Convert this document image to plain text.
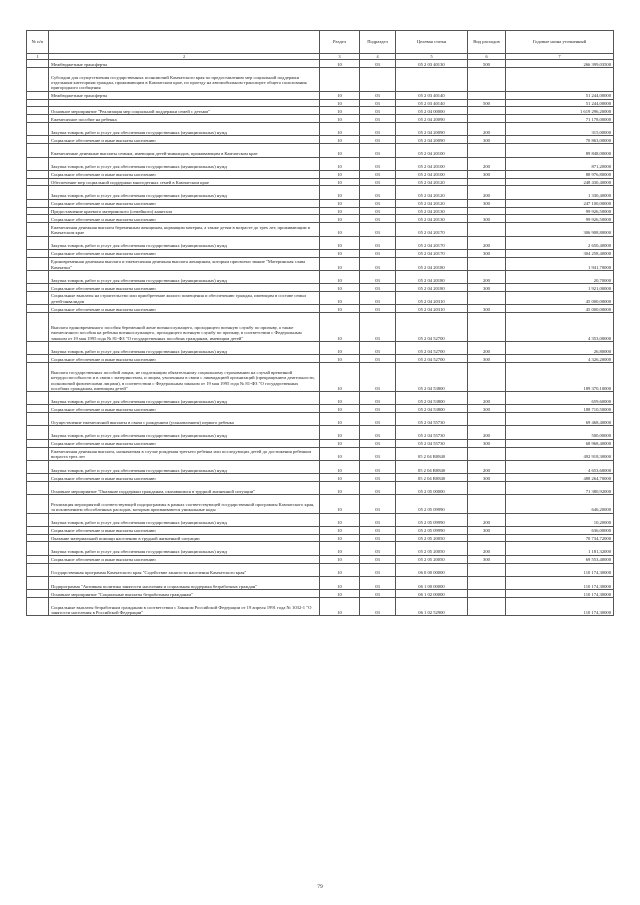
№ п/п		Раздел	Подраздел	Целевая статья	Вид расходов	Годовые назна уточненный
1	2	3	4	5	6	7
	Межбюджетные трансферты	10	03	05 2 03 40130	500	266 399,03500
	Субсидии для осуществления государственных полномочий Камчатского края по предоставлению мер социальной поддержки отдельным категориям граждан, проживающим в Камчатском крае, по проезду на автомобильном транспорте общего пользования пригородного сообщения					
	Межбюджетные трансферты	10	03	05 2 03 40140		51 244,00000
		10	03	05 2 03 40140	500	51 244,00000
	Основное мероприятие "Реализация мер социальной поддержки семей с детьми"	10	03	05 2 04 00000		1 619 296,20000
	Ежемесячное пособие на ребенка	10	03	05 2 04 20090		71 178,00000
	Закупка товаров, работ и услуг для обеспечения государственных (муниципальных) нужд	10	03	05 2 04 20090	200	315,00000
	Социальное обеспечение и иные выплаты населению	10	03	05 2 04 20090	300	70 863,00000
	Ежемесячные денежные выплаты семьям, имеющим детей-инвалидов, проживающим в Камчатском крае	10	03	05 2 04 20100		89 848,00000
	Закупка товаров, работ и услуг для обеспечения государственных (муниципальных) нужд	10	03	05 2 04 20100	200	871,20000
	Социальное обеспечение и иные выплаты населению	10	03	05 2 04 20100	300	88 976,80000
	Обеспечение мер социальной поддержки многодетных семей в Камчатском крае	10	03	05 2 04 20120		248 430,40000
	Закупка товаров, работ и услуг для обеспечения государственных (муниципальных) нужд	10	03	05 2 04 20120	200	1 330,40000
	Социальное обеспечение и иные выплаты населению	10	03	05 2 04 20120	300	247 100,00000
	Предоставление краевого материнского (семейного) капитала	10	03	05 2 04 20130		99 926,50000
	Социальное обеспечение и иные выплаты населению	10	03	05 2 04 20130	300	99 926,50000
	Ежемесячная денежная выплата беременным женщинам, кормящим матерям, а также детям в возрасте до трех лет, проживающим в Камчатском крае	10	03	05 2 04 20170		306 908,80000
	Закупка товаров, работ и услуг для обеспечения государственных (муниципальных) нужд	10	03	05 2 04 20170	200	2 650,40000
	Социальное обеспечение и иные выплаты населению	10	03	05 2 04 20170	300	304 258,40000
	Единовременная денежная выплата и ежемесячная денежная выплата женщинам, которым присвоено звание "Материнская слава Камчатки"	10	03	05 2 04 20180		1 941,70000
	Закупка товаров, работ и услуг для обеспечения государственных (муниципальных) нужд	10	03	05 2 04 20180	200	20,70000
	Социальное обеспечение и иные выплаты населению	10	03	05 2 04 20180	300	1 921,00000
	Социальные выплаты на строительство или приобретение жилого помещения и обеспечению граждан, имеющим в составе семьи детей-инвалидов	10	03	05 2 04 20310		45 000,00000
	Социальное обеспечение и иные выплаты населению	10	03	05 2 04 20310	300	45 000,00000
	Выплата единовременного пособия беременной жене военнослужащего, проходящего военную службу по призыву, а также ежемесячного пособия на ребенка военнослужащего, проходящего военную службу по призыву, в соответствии с Федеральным законом от 19 мая 1995 года № 81-ФЗ "О государственных пособиях гражданам, имеющим детей"	10	03	05 2 04 52700		4 353,00000
	Закупка товаров, работ и услуг для обеспечения государственных (муниципальных) нужд	10	03	05 2 04 52700	200	26,80000
	Социальное обеспечение и иные выплаты населению	10	03	05 2 04 52700	300	4 326,20000
	Выплата государственных пособий лицам, не подлежащим обязательному социальному страхованию на случай временной нетрудоспособности и в связи с материнством, и лицам, уволенным в связи с ликвидацией организаций (прекращением деятельности, полномочий физическими лицами), в соответствии с Федеральным законом от 19 мая 1995 года № 81-ФЗ "О государственных пособиях гражданам, имеющим детей"	10	03	05 2 04 53800		189 370,10000
	Закупка товаров, работ и услуг для обеспечения государственных (муниципальных) нужд	10	03	05 2 04 53800	200	659,60000
	Социальное обеспечение и иные выплаты населению	10	03	05 2 04 53800	300	188 710,50000
	Осуществление ежемесячной выплаты в связи с рождением (усыновлением) первого ребенка	10	03	05 2 04 55730		69 468,40000
	Закупка товаров, работ и услуг для обеспечения государственных (муниципальных) нужд	10	03	05 2 04 55730	200	500,00000
	Социальное обеспечение и иные выплаты населению	10	03	05 2 04 55730	300	68 968,40000
	Ежемесячная денежная выплата, назначаемая в случае рождения третьего ребенка или последующих детей до достижения ребенком возраста трех лет	10	03	05 2 04 R0840		492 918,30000
	Закупка товаров, работ и услуг для обеспечения государственных (муниципальных) нужд	10	03	05 2 04 R0840	200	4 653,60000
	Социальное обеспечение и иные выплаты населению	10	03	05 2 04 R0840	300	488 264,70000
	Основное мероприятие "Оказание поддержки гражданам, оказавшимся в трудной жизненной ситуации"	10	03	05 2 05 00000		71 380,92000
	Реализация мероприятий соответствующей подпрограммы в рамках соответствующей государственной программы Камчатского края, за исключением обособленных расходов, которым присваиваются уникальные коды	10	03	05 2 05 09990		646,20000
	Закупка товаров, работ и услуг для обеспечения государственных (муниципальных) нужд	10	03	05 2 05 09990	200	10,20000
	Социальное обеспечение и иные выплаты населению	10	03	05 2 05 09990	300	636,00000
	Оказание материальной помощи населению в трудной жизненной ситуации	10	03	05 2 05 20050		70 734,72000
	Закупка товаров, работ и услуг для обеспечения государственных (муниципальных) нужд	10	03	05 2 05 20050	200	1 181,32000
	Социальное обеспечение и иные выплаты населению	10	03	05 2 05 20050	300	69 553,40000
	Государственная программа Камчатского края "Содействие занятости населения Камчатского края"	10	03	06 0 00 00000		110 174,30000
	Подпрограмма "Активная политика занятости населения и социальная поддержка безработных граждан"	10	03	06 1 00 00000		110 174,30000
	Основное мероприятие "Социальные выплаты безработным гражданам"	10	03	06 1 02 00000		110 174,30000
	Социальные выплаты безработным гражданам в соответствии с Законом Российской Федерации от 19 апреля 1991 года № 1032-1 "О занятости населения в Российской Федерации"	10	03	06 1 02 52900		110 174,30000
79
